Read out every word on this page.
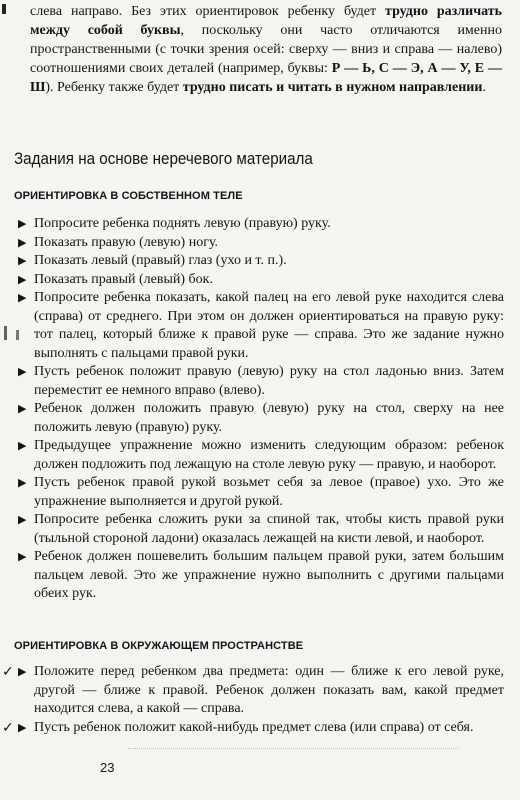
слева направо. Без этих ориентировок ребенку будет трудно различать между собой буквы, поскольку они часто отличаются именно пространственными (с точки зрения осей: сверху — вниз и справа — налево) соотношениями своих деталей (например, буквы: Р — Ь, С — Э, А — У, Е — Ш). Ребенку также будет трудно писать и читать в нужном направлении.
Задания на основе неречевого материала
ОРИЕНТИРОВКА В СОБСТВЕННОМ ТЕЛЕ
▶ Попросите ребенка поднять левую (правую) руку.
▶ Показать правую (левую) ногу.
▶ Показать левый (правый) глаз (ухо и т. п.).
▶ Показать правый (левый) бок.
▶ Попросите ребенка показать, какой палец на его левой руке находится слева (справа) от среднего. При этом он должен ориентироваться на правую руку: тот палец, который ближе к правой руке — справа. Это же задание нужно выполнять с пальцами правой руки.
▶ Пусть ребенок положит правую (левую) руку на стол ладонью вниз. Затем переместит ее немного вправо (влево).
▶ Ребенок должен положить правую (левую) руку на стол, сверху на нее положить левую (правую) руку.
▶ Предыдущее упражнение можно изменить следующим образом: ребенок должен подложить под лежащую на столе левую руку — правую, и наоборот.
▶ Пусть ребенок правой рукой возьмет себя за левое (правое) ухо. Это же упражнение выполняется и другой рукой.
▶ Попросите ребенка сложить руки за спиной так, чтобы кисть правой руки (тыльной стороной ладони) оказалась лежащей на кисти левой, и наоборот.
▶ Ребенок должен пошевелить большим пальцем правой руки, затем большим пальцем левой. Это же упражнение нужно выполнить с другими пальцами обеих рук.
ОРИЕНТИРОВКА В ОКРУЖАЮЩЕМ ПРОСТРАНСТВЕ
✓ ▶ Положите перед ребенком два предмета: один — ближе к его левой руке, другой — ближе к правой. Ребенок должен показать вам, какой предмет находится слева, а какой — справа.
✓ ▶ Пусть ребенок положит какой-нибудь предмет слева (или справа) от себя.
23
